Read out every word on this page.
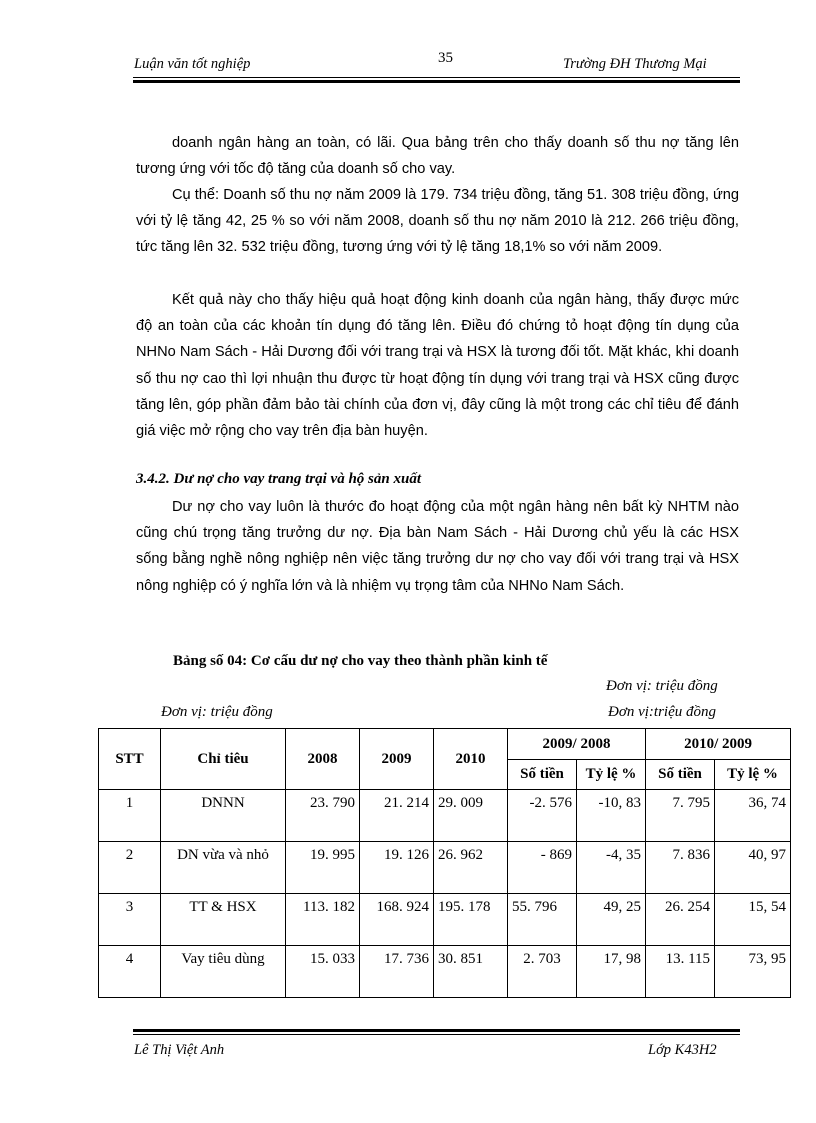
Luận văn tốt nghiệp	35	Trường ĐH Thương Mại

doanh ngân hàng an toàn, có lãi. Qua bảng trên cho thấy doanh số thu nợ tăng lên tương ứng với tốc độ tăng của doanh số cho vay.

Cụ thể: Doanh số thu nợ năm 2009 là 179. 734 triệu đồng, tăng 51. 308 triệu đồng, ứng với tỷ lệ tăng 42, 25 % so với năm 2008, doanh số thu nợ năm 2010 là 212. 266 triệu đồng, tức tăng lên 32. 532 triệu đồng, tương ứng với tỷ lệ tăng 18,1% so với năm 2009.

Kết quả này cho thấy hiệu quả hoạt động kinh doanh của ngân hàng, thấy được mức độ an toàn của các khoản tín dụng đó tăng lên. Điều đó chứng tỏ hoạt động tín dụng của NHNo Nam Sách - Hải Dương đối với trang trại và HSX là tương đối tốt. Mặt khác, khi doanh số thu nợ cao thì lợi nhuận thu được từ hoạt động tín dụng với trang trại và HSX cũng được tăng lên, góp phần đảm bảo tài chính của đơn vị, đây cũng là một trong các chỉ tiêu để đánh giá việc mở rộng cho vay trên địa bàn huyện.

3.4.2. Dư nợ cho vay trang trại và hộ sản xuất

Dư nợ cho vay luôn là thước đo hoạt động của một ngân hàng nên bất kỳ NHTM nào cũng chú trọng tăng trưởng dư nợ. Địa bàn Nam Sách - Hải Dương chủ yếu là các HSX sống bằng nghề nông nghiệp nên việc tăng trưởng dư nợ cho vay đối với trang trại và HSX nông nghiệp có ý nghĩa lớn và là nhiệm vụ trọng tâm của NHNo Nam Sách.

Bảng số 04: Cơ cấu dư nợ cho vay theo thành phần kinh tế
Đơn vị: triệu đồng
Đơn vị: triệu đồng	Đơn vị:triệu đồng
STT	Chỉ tiêu	2008	2009	2010	2009/ 2008		2010/ 2009	
					Số tiền	Tỷ lệ %	Số tiền	Tỷ lệ %

1	DNNN	23. 790	21. 214	29. 009	-2. 576	-10, 83	7. 795	36, 74

2	DN vừa và nhỏ	19. 995	19. 126	26. 962	- 869	-4, 35	7. 836	40, 97

3	TT & HSX	113. 182	168. 924	195. 178	55. 796	49, 25	26. 254	15, 54

4	Vay tiêu dùng	15. 033	17. 736	30. 851	2. 703	17, 98	13. 115	73, 95
Lê Thị Việt Anh	Lớp K43H2
